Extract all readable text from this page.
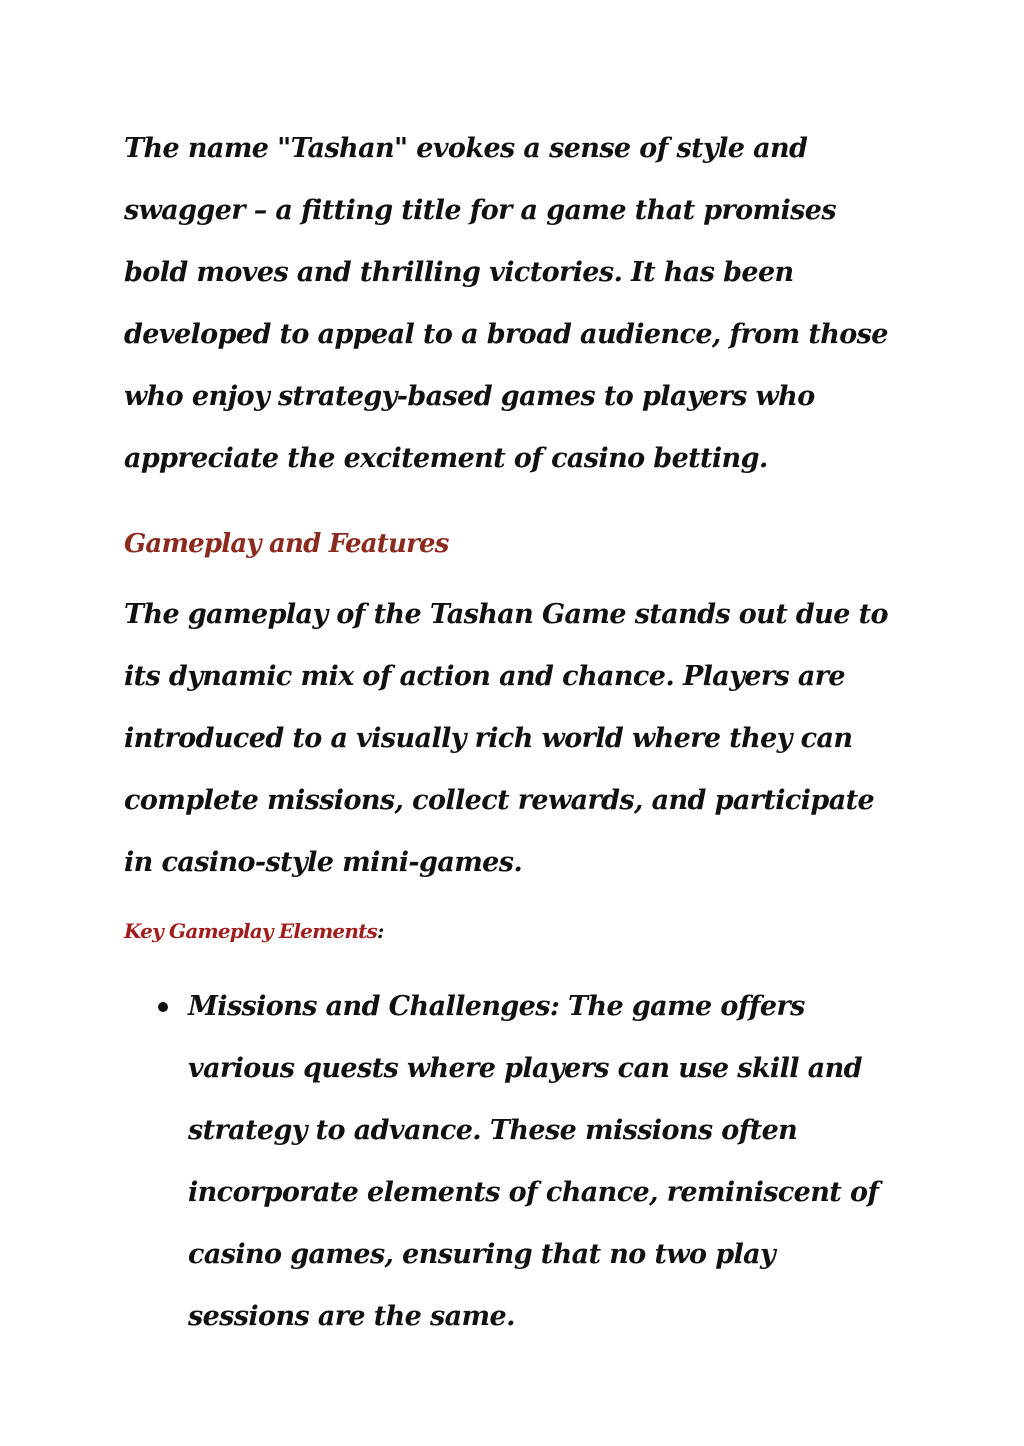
The name "Tashan" evokes a sense of style and swagger – a fitting title for a game that promises bold moves and thrilling victories. It has been developed to appeal to a broad audience, from those who enjoy strategy-based games to players who appreciate the excitement of casino betting.

Gameplay and Features

The gameplay of the Tashan Game stands out due to its dynamic mix of action and chance. Players are introduced to a visually rich world where they can complete missions, collect rewards, and participate in casino-style mini-games.

Key Gameplay Elements:

Missions and Challenges: The game offers various quests where players can use skill and strategy to advance. These missions often incorporate elements of chance, reminiscent of casino games, ensuring that no two play sessions are the same.
